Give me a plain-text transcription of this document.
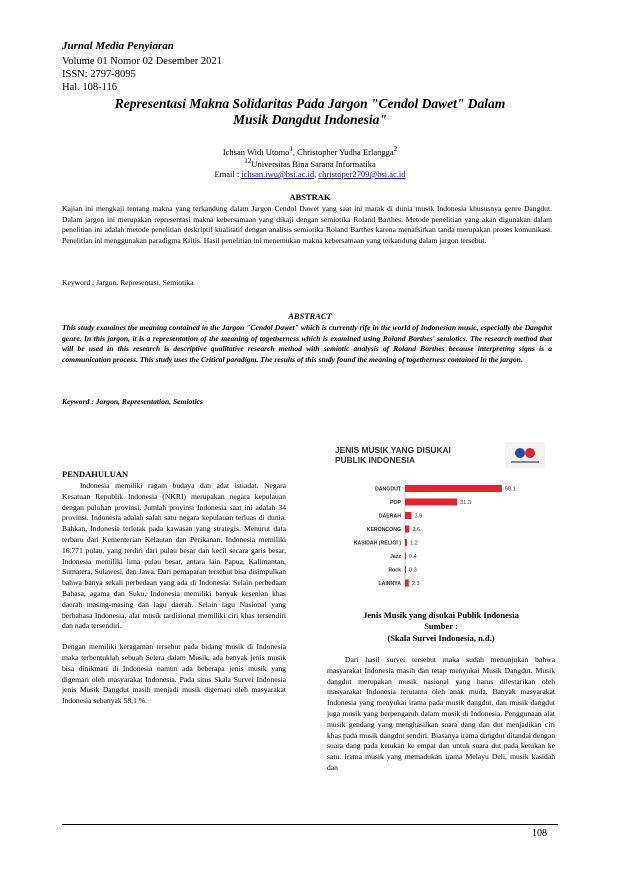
Jurnal Media Penyiaran
Volume 01 Nomor 02 Desember 2021
ISSN: 2797-8095
Hal. 108-116
Representasi Makna Solidaritas Pada Jargon "Cendol Dawet" Dalam
Musik Dangdut Indonesia"
Ichsan Widi Utomo$^1$, Christopher Yudha Erlangga$^2$
$^{12}$Universitas Bina Sarana Informatika
Email : ichsan.iwu@bsi.ac.id, christoper2709@bsi.ac.id
ABSTRAK
Kajian ini mengkaji tentang makna yang terkandung dalam Jargon Cendol Dawet yang saat ini marak di dunia musik Indonesia khususnya genre Dangdut. Dalam jargon ini merupakan representasi makna kebersamaan yang dikaji dengan semiotika Roland Barthes. Metode penelitian yang akan digunakan dalam penelitian ini adalah metode penelitian deskriptif kualitatif dengan analisis semiotika Roland Barthes karena menafsirkan tanda merupakan proses komunikasi. Penelitian ini menggunakan paradigma Kritis. Hasil penelitian ini menemukan makna kebersamaan yang terkandung dalam jargon tersebut.
Keyword : Jargon, Representasi, Semiotika
ABSTRACT
This study examines the meaning contained in the Jargon "Cendol Dawet" which is currently rife in the world of Indonesian music, especially the Dangdut genre. In this jargon, it is a representation of the meaning of togetherness which is examined using Roland Barthes' semiotics. The research method that will be used in this research is descriptive qualitative research method with semiotic analysis of Roland Barthes because interpreting signs is a communication process. This study uses the Critical paradigm. The results of this study found the meaning of togetherness contained in the jargon.
Keyword : Jargon, Representation, Semiotics
PENDAHULUAN

Indonesia memiliki ragam budaya dan adat istiadat. Negara Kesatuan Republik Indonesia (NKRI) merupakan negara kepulauan dengan puluhan provinsi. Jumlah provinsi Indonesia saat ini adalah 34 provinsi. Indonesia adalah salah satu negara kepulauan terluas di dunia. Bahkan, Indonesia terletak pada kawasan yang strategis. Menurut data terbaru dari Kementerian Kelautan dan Perikanan, Indonesia memiliki 16.771 pulau, yang terdiri dari pulau besar dan kecil secara garis besar, Indonesia memiliki lima pulau besar, antara lain Papua, Kalimantan, Sumatera, Sulawesi, dan Jawa. Dari pemaparan tersebut bisa disimpulkan bahwa banya sekali perbedaan yang ada di Indonesia. Selain perbedaan Bahasa, agama dan Suku, Indonesia memiliki banyak kesenian khas daerah masing-masing dan lagu daerah. Selain lagu Nasional yang berbahasa Indonesia, alat musik tardisional memiliki ciri khas tersendiri dan nada tersendiri.

Dengan memiliki keragaman tersebut pada bidang musik di Indonesia maka terbentuklah sebuah Selera dalam Musik, ada banyak jenis musik bisa dinikmati di Indonesia namun ada beberapa jenis musik yang digemari oleh masyarakat Indonesia. Pada situs Skala Survei Indonesia jenis Musik Dangdut masih menjadi musik digemari oleh masyarakat Indonesia sebanyak 58,1 %.

DANGDUT	58.1
POP	31.3
DAERAH 3.9
KERONCONG 2.6
KASIDAH (RELIGI ) 1.2
Jazz 0.4
Rock 0.3
LAINNYA 2.3
JENIS MUSIK YANG DISUKAI
PUBLIK INDONESIA
Jenis Musik yang disukai Publik Indonesia
Sumber :
(Skala Survei Indonesia, n.d.)

Dari hasil survei tersebut maka sudah menunjukan bahwa masyarakat Indonesia masih dan tetap menyukai Musik Dangdut. Musik dangdut merupakan musik nasional yang harus dilestarikan oleh masyarakat Indonesia terutama oleh anak muda. Banyak masyarakat Indonesia yang menyukai irama pada musik dangdut, dan musik dangdut juga musik yang berpengaruh dalam musik di Indonesia. Penggunaan alat musik gendang yang menghasilkan suara dang dan dut menjadikan ciri khas pada musik dangdut sendiri. Biasanya irama dangdut ditandai dengan suara dang pada ketukan ke empat dan untuk suara dut pada ketukan ke satu. Irama musik yang memadukan irama Melayu Deli, musik kasidah dan

108
